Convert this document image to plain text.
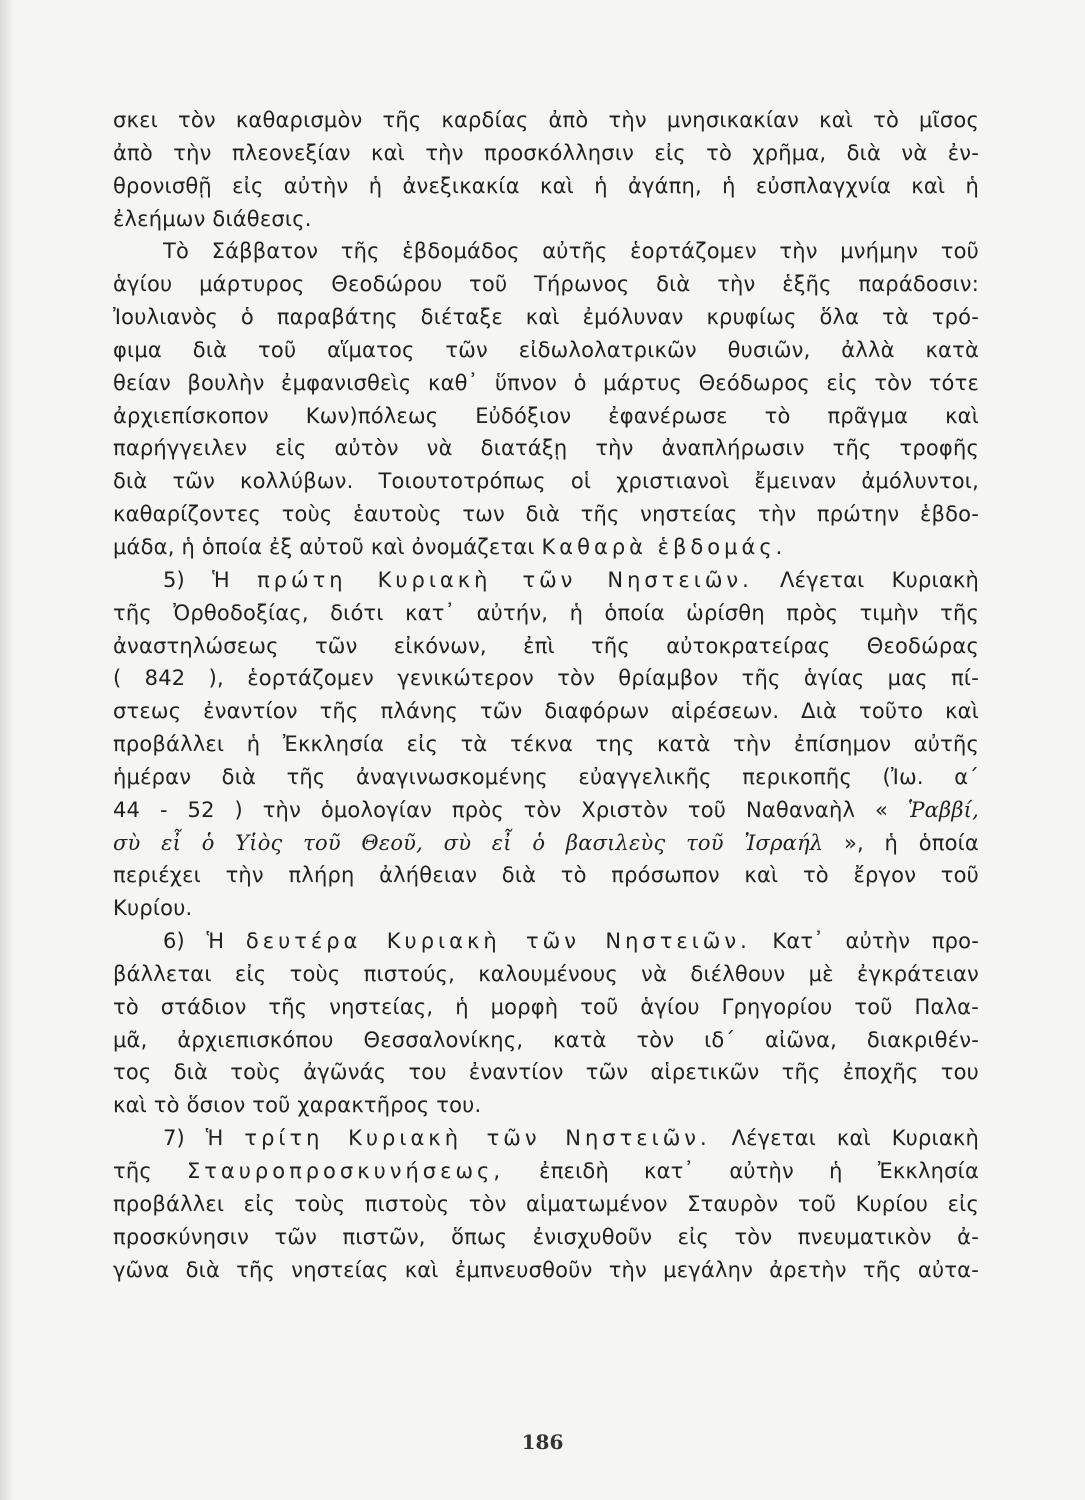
σκει τὸν καθαρισμὸν τῆς καρδίας ἀπὸ τὴν μνησικακίαν καὶ τὸ μῖσος
ἀπὸ τὴν πλεονεξίαν καὶ τὴν προσκόλλησιν εἰς τὸ χρῆμα, διὰ νὰ ἐν-
θρονισθῇ εἰς αὐτὴν ἡ ἀνεξικακία καὶ ἡ ἀγάπη, ἡ εὐσπλαγχνία καὶ ἡ
ἐλεήμων διάθεσις.
Τὸ Σάββατον τῆς ἑβδομάδος αὐτῆς ἑορτάζομεν τὴν μνήμην τοῦ
ἁγίου μάρτυρος Θεοδώρου τοῦ Τήρωνος διὰ τὴν ἑξῆς παράδοσιν:
Ἰουλιανὸς ὁ παραβάτης διέταξε καὶ ἐμόλυναν κρυφίως ὅλα τὰ τρό-
φιμα διὰ τοῦ αἵματος τῶν εἰδωλολατρικῶν θυσιῶν, ἀλλὰ κατὰ
θείαν βουλὴν ἐμφανισθεὶς καθ᾽ ὕπνον ὁ μάρτυς Θεόδωρος εἰς τὸν τότε
ἀρχιεπίσκοπον Κων)πόλεως Εὐδόξιον ἐφανέρωσε τὸ πρᾶγμα καὶ
παρήγγειλεν εἰς αὐτὸν νὰ διατάξῃ τὴν ἀναπλήρωσιν τῆς τροφῆς
διὰ τῶν κολλύβων. Τοιουτοτρόπως οἱ χριστιανοὶ ἔμειναν ἀμόλυντοι,
καθαρίζοντες τοὺς ἑαυτοὺς των διὰ τῆς νηστείας τὴν πρώτην ἑβδο-
μάδα, ἡ ὁποία ἐξ αὐτοῦ καὶ ὀνομάζεται Καθαρὰ ἑβδομάς.
5) Ἡ πρώτη Κυριακὴ τῶν Νηστειῶν. Λέγεται Κυριακὴ
τῆς Ὀρθοδοξίας, διότι κατ᾽ αὐτήν, ἡ ὁποία ὡρίσθη πρὸς τιμὴν τῆς
ἀναστηλώσεως τῶν εἰκόνων, ἐπὶ τῆς αὐτοκρατείρας Θεοδώρας
( 842 ), ἑορτάζομεν γενικώτερον τὸν θρίαμβον τῆς ἁγίας μας πί-
στεως ἐναντίον τῆς πλάνης τῶν διαφόρων αἱρέσεων. Διὰ τοῦτο καὶ
προβάλλει ἡ Ἐκκλησία εἰς τὰ τέκνα της κατὰ τὴν ἐπίσημον αὐτῆς
ἡμέραν διὰ τῆς ἀναγινωσκομένης εὐαγγελικῆς περικοπῆς (Ἰω. α΄
44 - 52 ) τὴν ὁμολογίαν πρὸς τὸν Χριστὸν τοῦ Ναθαναὴλ « Ῥαββί,
σὺ εἶ ὁ Υἱὸς τοῦ Θεοῦ, σὺ εἶ ὁ βασιλεὺς τοῦ Ἰσραήλ », ἡ ὁποία
περιέχει τὴν πλήρη ἀλήθειαν διὰ τὸ πρόσωπον καὶ τὸ ἔργον τοῦ
Κυρίου.
6) Ἡ δευτέρα Κυριακὴ τῶν Νηστειῶν. Κατ᾽ αὐτὴν προ-
βάλλεται εἰς τοὺς πιστούς, καλουμένους νὰ διέλθουν μὲ ἐγκράτειαν
τὸ στάδιον τῆς νηστείας, ἡ μορφὴ τοῦ ἁγίου Γρηγορίου τοῦ Παλα-
μᾶ, ἀρχιεπισκόπου Θεσσαλονίκης, κατὰ τὸν ιδ΄ αἰῶνα, διακριθέν-
τος διὰ τοὺς ἀγῶνάς του ἐναντίον τῶν αἱρετικῶν τῆς ἐποχῆς του
καὶ τὸ ὅσιον τοῦ χαρακτῆρος του.
7) Ἡ τρίτη Κυριακὴ τῶν Νηστειῶν. Λέγεται καὶ Κυριακὴ
τῆς Σταυροπροσκυνήσεως, ἐπειδὴ κατ᾽ αὐτὴν ἡ Ἐκκλησία
προβάλλει εἰς τοὺς πιστοὺς τὸν αἱματωμένον Σταυρὸν τοῦ Κυρίου εἰς
προσκύνησιν τῶν πιστῶν, ὅπως ἐνισχυθοῦν εἰς τὸν πνευματικὸν ἀ-
γῶνα διὰ τῆς νηστείας καὶ ἐμπνευσθοῦν τὴν μεγάλην ἀρετὴν τῆς αὐτα-
186
